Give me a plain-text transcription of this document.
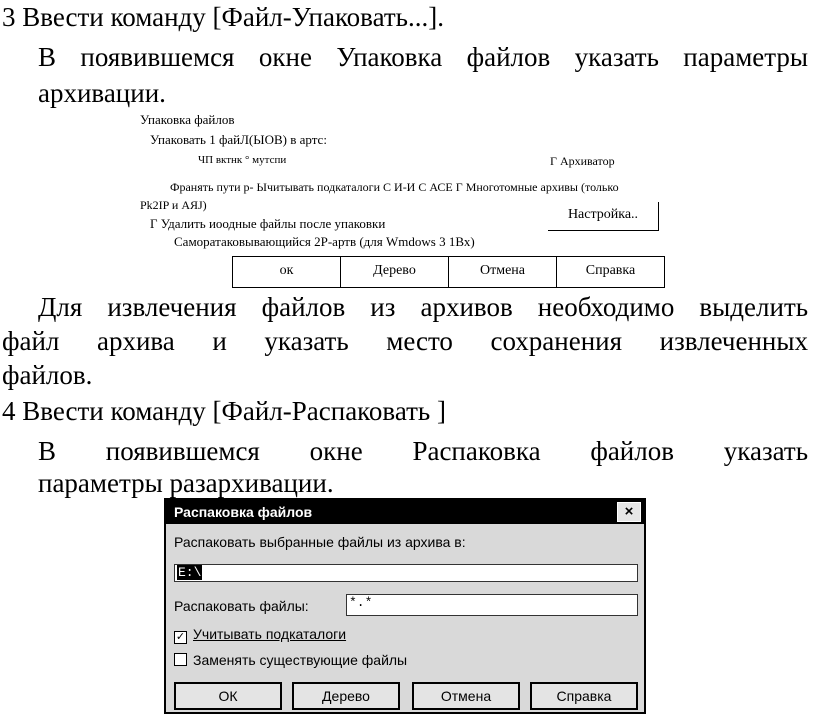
3 Ввести команду [Файл-Упаковать...].
В появившемся окне Упаковка файлов указать параметры
архивации.
Упаковка файлов
Упаковать 1 файЛ(ЫОВ) в артс:
ЧП вктнк ° мутспи	Г Архиватор
Франять пути р- Ычитывать подкаталоги С И-И С АСЕ Г Многотомные архивы (только
Pk2IP и АЯJ)
Г Удалить иоодные файлы после упаковки
Настройка..
Самоpатаковывающийся 2Р-артв (для Wmdows 3 1Вх)
ок	Дерево	Отмена	Справка
Для извлечения файлов из архивов необходимо выделить
файл архива и указать место сохранения извлеченных
файлов.
4 Ввести команду [Файл-Распаковать ]
В появившемся окне Распаковка файлов указать
параметры разархивации.
Распаковка файлов	×
Распаковать выбранные файлы из архива в:
E:\
Распаковать файлы:	*.*
✓ Учитывать подкаталоги
Заменять существующие файлы
ОК	Дерево	Отмена	Справка
